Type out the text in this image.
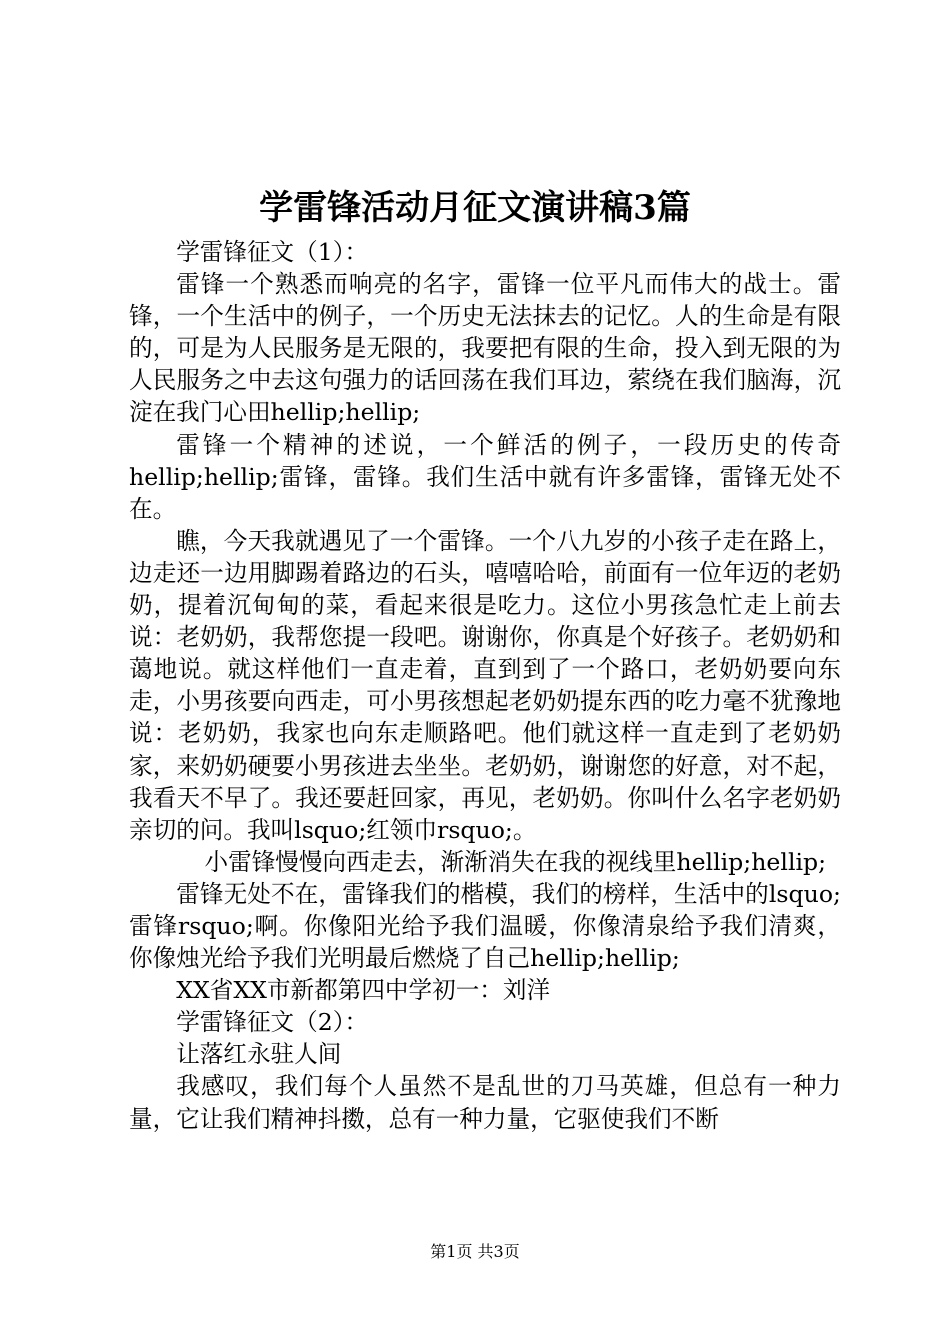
学雷锋活动月征文演讲稿3篇

学雷锋征文（1）：

雷锋一个熟悉而响亮的名字，雷锋一位平凡而伟大的战士。雷锋，一个生活中的例子，一个历史无法抹去的记忆。人的生命是有限的，可是为人民服务是无限的，我要把有限的生命，投入到无限的为人民服务之中去这句强力的话回荡在我们耳边，萦绕在我们脑海，沉淀在我门心田hellip;hellip;

雷锋一个精神的述说，一个鲜活的例子，一段历史的传奇hellip;hellip;雷锋，雷锋。我们生活中就有许多雷锋，雷锋无处不在。

瞧，今天我就遇见了一个雷锋。一个八九岁的小孩子走在路上，边走还一边用脚踢着路边的石头，嘻嘻哈哈，前面有一位年迈的老奶奶，提着沉甸甸的菜，看起来很是吃力。这位小男孩急忙走上前去说：老奶奶，我帮您提一段吧。谢谢你，你真是个好孩子。老奶奶和蔼地说。就这样他们一直走着，直到到了一个路口，老奶奶要向东走，小男孩要向西走，可小男孩想起老奶奶提东西的吃力毫不犹豫地说：老奶奶，我家也向东走顺路吧。他们就这样一直走到了老奶奶家，来奶奶硬要小男孩进去坐坐。老奶奶，谢谢您的好意，对不起，我看天不早了。我还要赶回家，再见，老奶奶。你叫什么名字老奶奶亲切的问。我叫lsquo;红领巾rsquo;。

小雷锋慢慢向西走去，渐渐消失在我的视线里hellip;hellip;

雷锋无处不在，雷锋我们的楷模，我们的榜样，生活中的lsquo;雷锋rsquo;啊。你像阳光给予我们温暖，你像清泉给予我们清爽，你像烛光给予我们光明最后燃烧了自己hellip;hellip;

XX省XX市新都第四中学初一：刘洋

学雷锋征文（2）：

让落红永驻人间

我感叹，我们每个人虽然不是乱世的刀马英雄，但总有一种力量，它让我们精神抖擞，总有一种力量，它驱使我们不断

第1页 共3页
